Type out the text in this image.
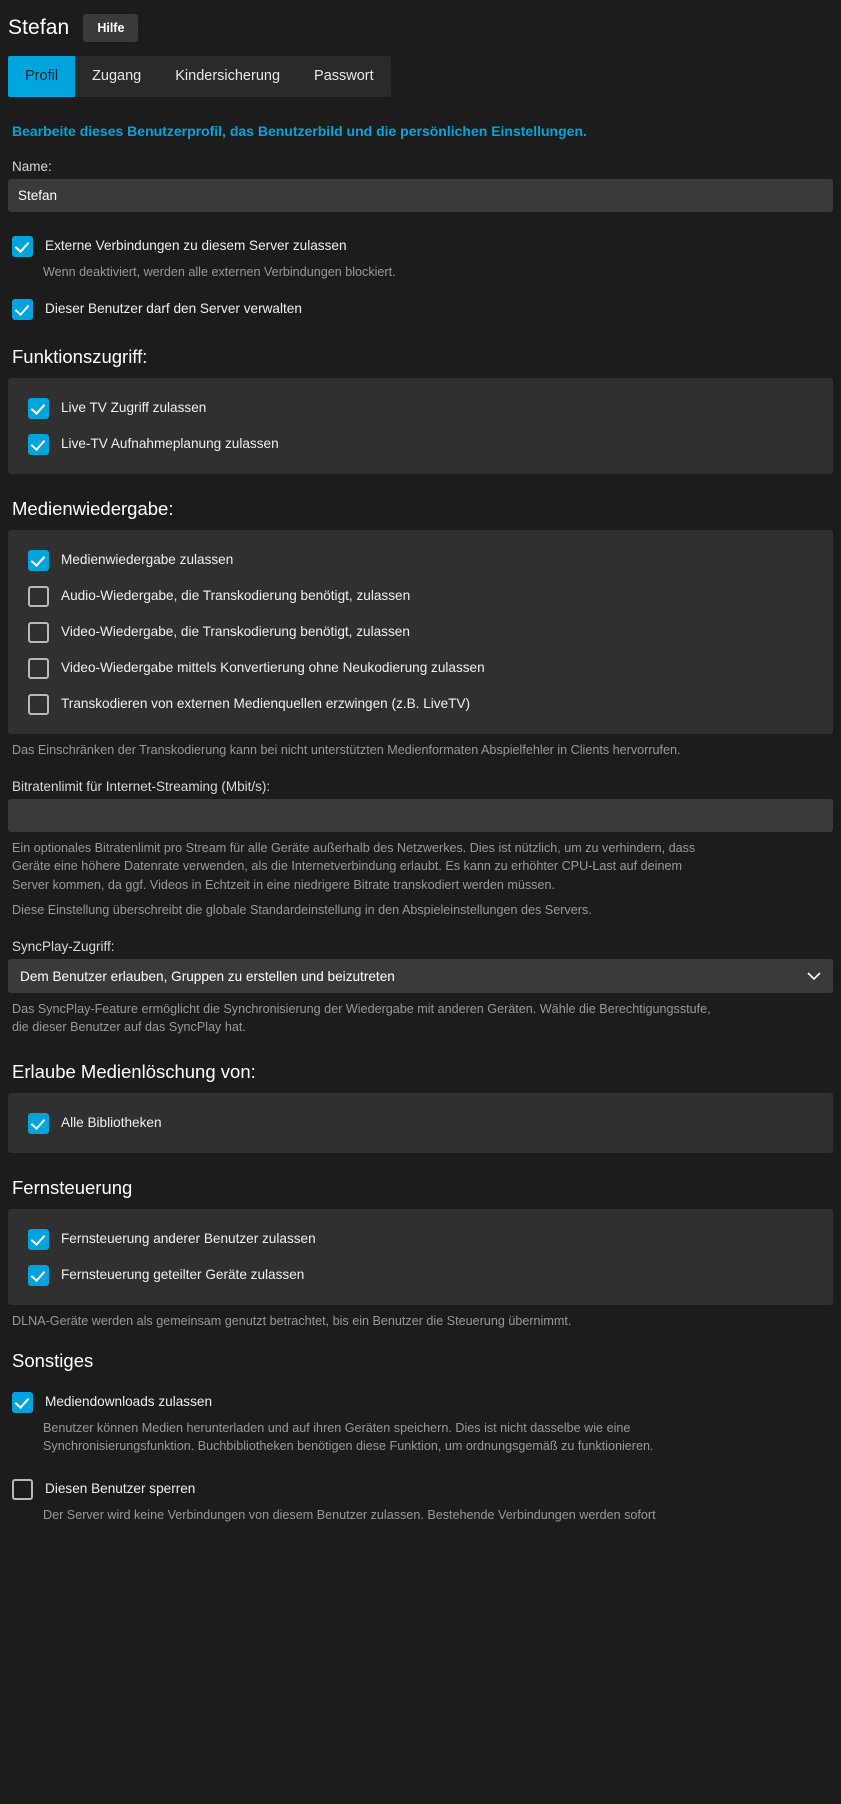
Stefan	Hilfe
Profil	Zugang	Kindersicherung	Passwort
Bearbeite dieses Benutzerprofil, das Benutzerbild und die persönlichen Einstellungen.
Name:
Stefan
Externe Verbindungen zu diesem Server zulassen
Wenn deaktiviert, werden alle externen Verbindungen blockiert.
Dieser Benutzer darf den Server verwalten
Funktionszugriff:
Live TV Zugriff zulassen
Live-TV Aufnahmeplanung zulassen
Medienwiedergabe:
Medienwiedergabe zulassen
Audio-Wiedergabe, die Transkodierung benötigt, zulassen
Video-Wiedergabe, die Transkodierung benötigt, zulassen
Video-Wiedergabe mittels Konvertierung ohne Neukodierung zulassen
Transkodieren von externen Medienquellen erzwingen (z.B. LiveTV)
Das Einschränken der Transkodierung kann bei nicht unterstützten Medienformaten Abspielfehler in Clients hervorrufen.
Bitratenlimit für Internet-Streaming (Mbit/s):
Ein optionales Bitratenlimit pro Stream für alle Geräte außerhalb des Netzwerkes. Dies ist nützlich, um zu verhindern, dass Geräte eine höhere Datenrate verwenden, als die Internetverbindung erlaubt. Es kann zu erhöhter CPU-Last auf deinem Server kommen, da ggf. Videos in Echtzeit in eine niedrigere Bitrate transkodiert werden müssen.
Diese Einstellung überschreibt die globale Standardeinstellung in den Abspieleinstellungen des Servers.
SyncPlay-Zugriff:
Dem Benutzer erlauben, Gruppen zu erstellen und beizutreten
Das SyncPlay-Feature ermöglicht die Synchronisierung der Wiedergabe mit anderen Geräten. Wähle die Berechtigungsstufe, die dieser Benutzer auf das SyncPlay hat.
Erlaube Medienlöschung von:
Alle Bibliotheken
Fernsteuerung
Fernsteuerung anderer Benutzer zulassen
Fernsteuerung geteilter Geräte zulassen
DLNA-Geräte werden als gemeinsam genutzt betrachtet, bis ein Benutzer die Steuerung übernimmt.
Sonstiges
Mediendownloads zulassen
Benutzer können Medien herunterladen und auf ihren Geräten speichern. Dies ist nicht dasselbe wie eine Synchronisierungsfunktion. Buchbibliotheken benötigen diese Funktion, um ordnungsgemäß zu funktionieren.
Diesen Benutzer sperren
Der Server wird keine Verbindungen von diesem Benutzer zulassen. Bestehende Verbindungen werden sofort
